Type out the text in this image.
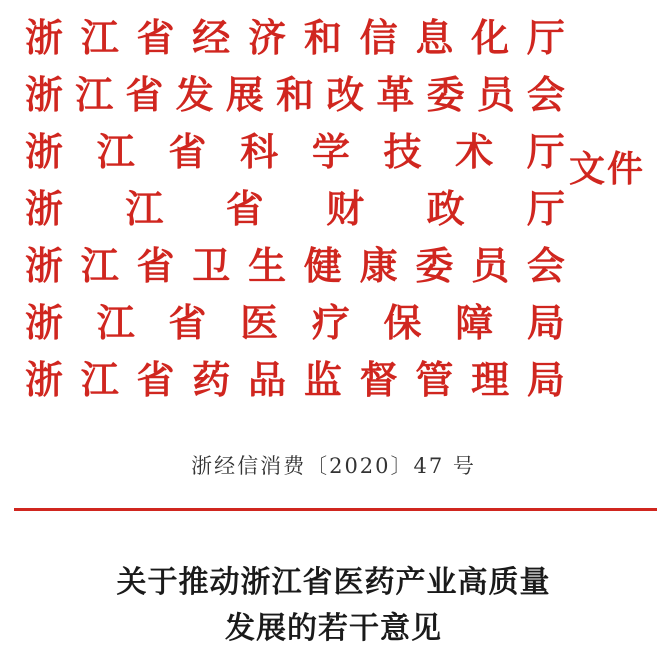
浙 江 省 经 济 和 信 息 化 厅
浙 江 省 发 展 和 改 革 委 员 会
浙 江 省 科 学 技 术 厅
浙 江 省 财 政 厅
浙 江 省 卫 生 健 康 委 员 会
浙 江 省 医 疗 保 障 局
浙 江 省 药 品 监 督 管 理 局
文件
浙经信消费〔2020〕47 号
关于推动浙江省医药产业高质量
发展的若干意见
